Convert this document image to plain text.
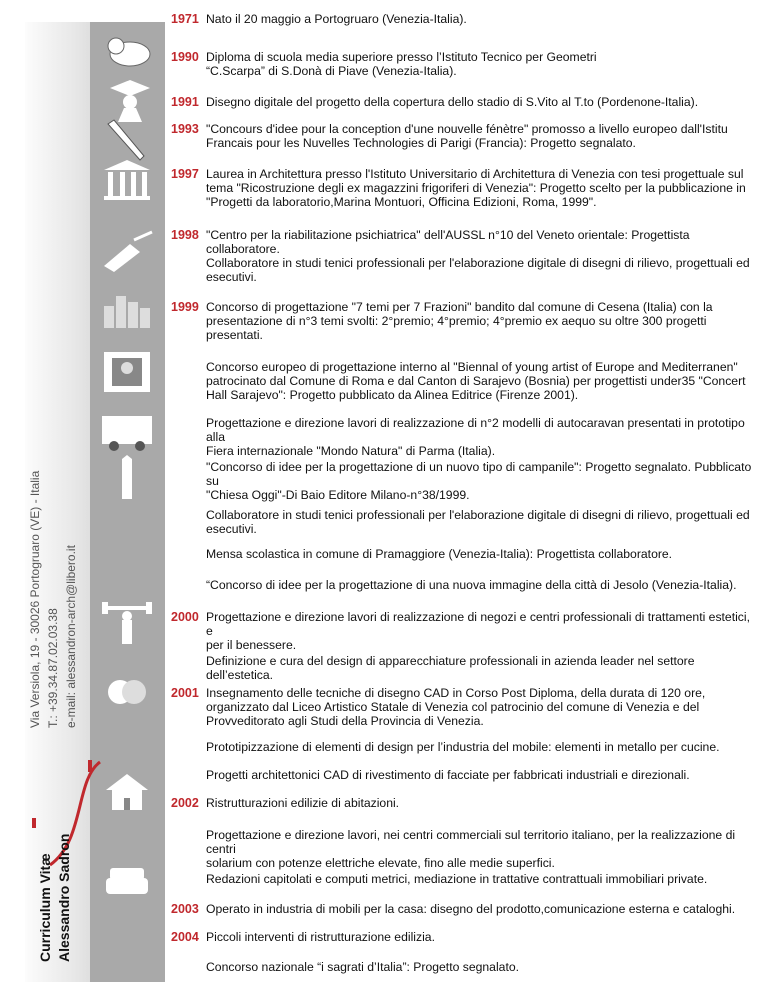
Curriculum Vitæ Alessandro Sadron
Via Versiola, 19 - 30026 Portogruaro (VE) - Italia T.: +39.34.87.02.03.38 e-mail: alessandron-arch@libero.it
1971 Nato il 20 maggio a Portogruaro (Venezia-Italia).
1990 Diploma di scuola media superiore presso l’Istituto Tecnico per Geometri
“C.Scarpa” di S.Donà di Piave (Venezia-Italia).
1991 Disegno digitale del progetto della copertura dello stadio di S.Vito al T.to (Pordenone-Italia).
1993 "Concours d'idee pour la conception d'une nouvelle fénètre" promosso a livello europeo dall'Istitu
Francais pour les Nuvelles Technologies di Parigi (Francia): Progetto segnalato.
1997 Laurea in Architettura presso l'Istituto Universitario di Architettura di Venezia con tesi progettuale sul
tema "Ricostruzione degli ex magazzini frigoriferi di Venezia": Progetto scelto per la pubblicazione in
"Progetti da laboratorio,Marina Montuori, Officina Edizioni, Roma, 1999".
1998 "Centro per la riabilitazione psichiatrica" dell'AUSSL n°10 del Veneto orientale: Progettista collaboratore.
Collaboratore in studi tenici professionali per l'elaborazione digitale di disegni di rilievo, progettuali ed
esecutivi.
1999 Concorso di progettazione "7 temi per 7 Frazioni" bandito dal comune di Cesena (Italia) con la
presentazione di n°3 temi svolti: 2°premio; 4°premio; 4°premio ex aequo su oltre 300 progetti
presentati.
Concorso europeo di progettazione interno al "Biennal of young artist of Europe and Mediterranen"
patrocinato dal Comune di Roma e dal Canton di Sarajevo (Bosnia) per progettisti under35 "Concert
Hall Sarajevo": Progetto pubblicato da Alinea Editrice (Firenze 2001).
Progettazione e direzione lavori di realizzazione di n°2 modelli di autocaravan presentati in prototipo alla
Fiera internazionale "Mondo Natura" di Parma (Italia).
"Concorso di idee per la progettazione di un nuovo tipo di campanile": Progetto segnalato. Pubblicato su
"Chiesa Oggi"-Di Baio Editore Milano-n°38/1999.
Collaboratore in studi tenici professionali per l'elaborazione digitale di disegni di rilievo, progettuali ed
esecutivi.
Mensa scolastica in comune di Pramaggiore (Venezia-Italia): Progettista collaboratore.
“Concorso di idee per la progettazione di una nuova immagine della città di Jesolo (Venezia-Italia).
2000 Progettazione e direzione lavori di realizzazione di negozi e centri professionali di trattamenti estetici, e
per il benessere.
Definizione e cura del design di apparecchiature professionali in azienda leader nel settore dell’estetica.
2001 Insegnamento delle tecniche di disegno CAD in Corso Post Diploma, della durata di 120 ore,
organizzato dal Liceo Artistico Statale di Venezia col patrocinio del comune di Venezia e del
Provveditorato agli Studi della Provincia di Venezia.
Prototipizzazione di elementi di design per l’industria del mobile: elementi in metallo per cucine.
Progetti architettonici CAD di rivestimento di facciate per fabbricati industriali e direzionali.
2002 Ristrutturazioni edilizie di abitazioni.
Progettazione e direzione lavori, nei centri commerciali sul territorio italiano, per la realizzazione di centri
solarium con potenze elettriche elevate, fino alle medie superfici.
Redazioni capitolati e computi metrici, mediazione in trattative contrattuali immobiliari private.
2003 Operato in industria di mobili per la casa: disegno del prodotto,comunicazione esterna e cataloghi.
2004 Piccoli interventi di ristrutturazione edilizia.
Concorso nazionale “i sagrati d’Italia”: Progetto segnalato.
